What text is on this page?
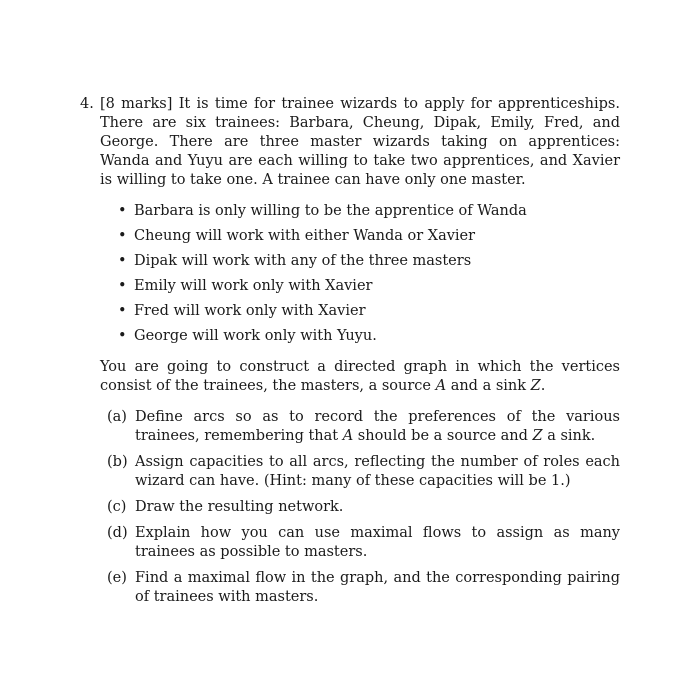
4. [8 marks] It is time for trainee wizards to apply for apprenticeships. There are six trainees: Barbara, Cheung, Dipak, Emily, Fred, and George. There are three master wizards taking on apprentices: Wanda and Yuyu are each willing to take two apprentices, and Xavier is willing to take one. A trainee can have only one master.
• Barbara is only willing to be the apprentice of Wanda
• Cheung will work with either Wanda or Xavier
• Dipak will work with any of the three masters
• Emily will work only with Xavier
• Fred will work only with Xavier
• George will work only with Yuyu.
You are going to construct a directed graph in which the vertices consist of the trainees, the masters, a source A and a sink Z.
(a) Define arcs so as to record the preferences of the various trainees, remembering that A should be a source and Z a sink.
(b) Assign capacities to all arcs, reflecting the number of roles each wizard can have. (Hint: many of these capacities will be 1.)
(c) Draw the resulting network.
(d) Explain how you can use maximal flows to assign as many trainees as possible to masters.
(e) Find a maximal flow in the graph, and the corresponding pairing of trainees with masters.
